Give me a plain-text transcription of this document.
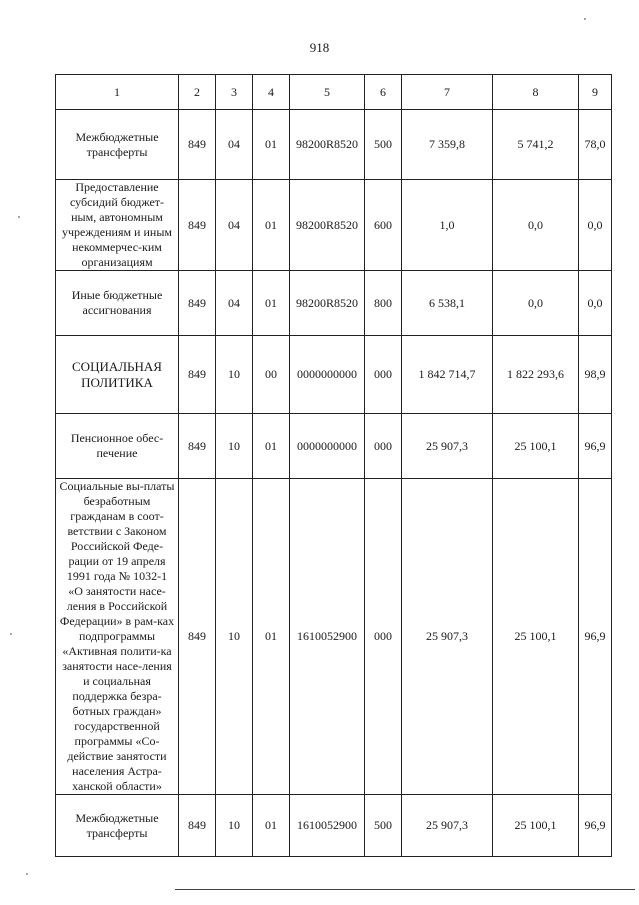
918
1	2	3	4	5	6	7	8	9
Межбюджетные трансферты	849	04	01	98200R8520	500	7 359,8	5 741,2	78,0
Предоставление субсидий бюджет-ным, автономным учреждениям и иным некоммерчес-ким организациям	849	04	01	98200R8520	600	1,0	0,0	0,0
Иные бюджетные ассигнования	849	04	01	98200R8520	800	6 538,1	0,0	0,0
СОЦИАЛЬНАЯ ПОЛИТИКА	849	10	00	0000000000	000	1 842 714,7	1 822 293,6	98,9
Пенсионное обес-печение	849	10	01	0000000000	000	25 907,3	25 100,1	96,9
Социальные вы-платы безработным гражданам в соот-ветствии с Законом Российской Феде-рации от 19 апреля 1991 года № 1032-1 «О занятости насе-ления в Российской Федерации» в рам-ках подпрограммы «Активная полити-ка занятости насе-ления и социальная поддержка безра-ботных граждан» государственной программы «Со-действие занятости населения Астра-ханской области»	849	10	01	1610052900	000	25 907,3	25 100,1	96,9
Межбюджетные трансферты	849	10	01	1610052900	500	25 907,3	25 100,1	96,9
